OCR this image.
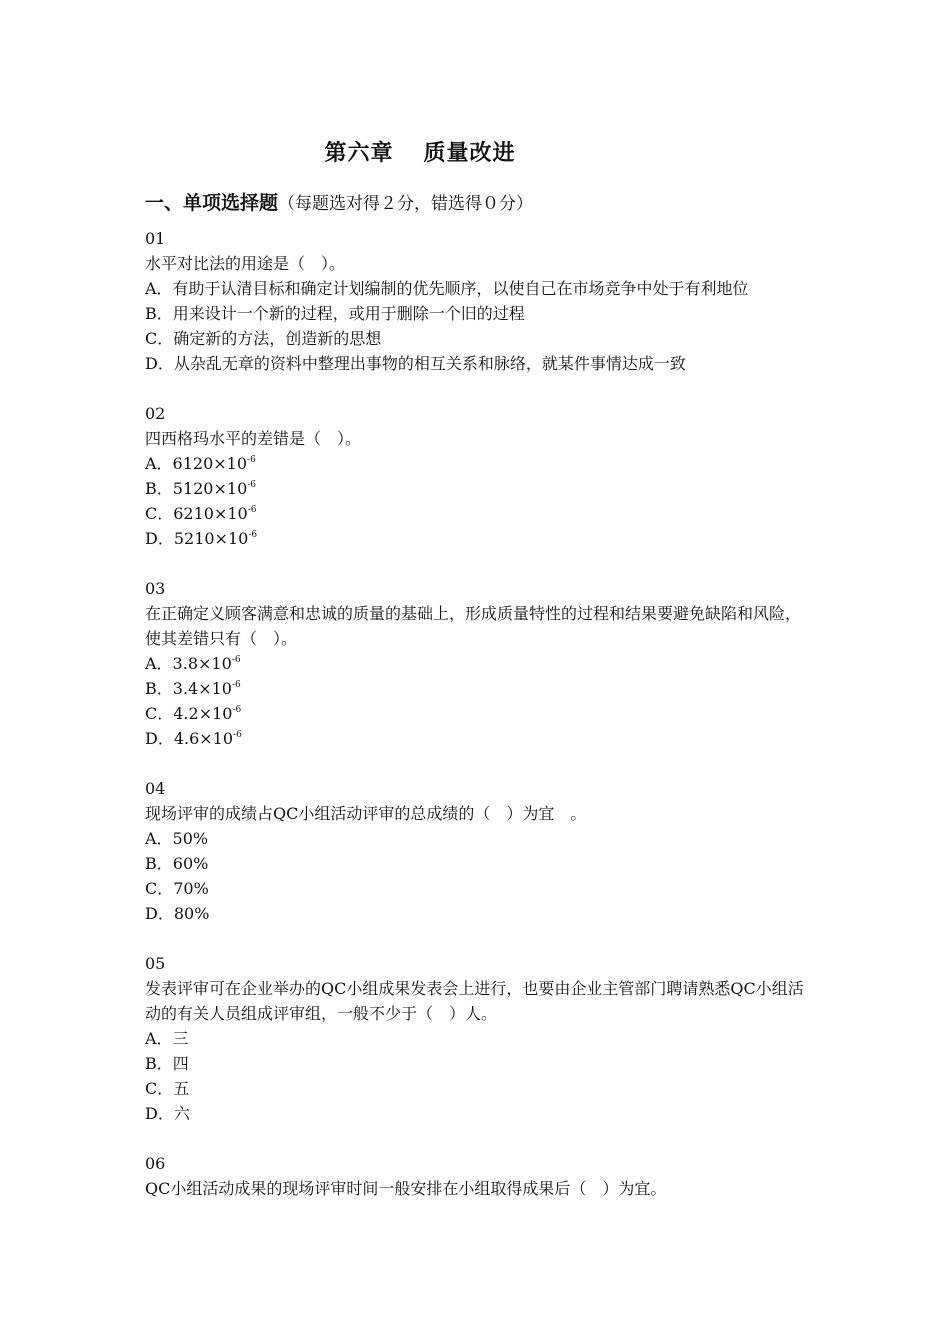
第六章 质量改进
一、单项选择题（每题选对得２分，错选得０分）
01
水平对比法的用途是（　）。
A．有助于认清目标和确定计划编制的优先顺序，以使自己在市场竞争中处于有利地位
B．用来设计一个新的过程，或用于删除一个旧的过程
C．确定新的方法，创造新的思想
D．从杂乱无章的资料中整理出事物的相互关系和脉络，就某件事情达成一致
02
四西格玛水平的差错是（　）。
A．$6120\times 10^{-6}$
B．$5120\times 10^{-6}$
C．$6210\times 10^{-6}$
D．$5210\times 10^{-6}$
03
在正确定义顾客满意和忠诚的质量的基础上，形成质量特性的过程和结果要避免缺陷和风险，使其差错只有（　）。
A．$3.8\times 10^{-6}$
B．$3.4\times 10^{-6}$
C．$4.2\times 10^{-6}$
D．$4.6\times 10^{-6}$
04
现场评审的成绩占QC小组活动评审的总成绩的（　）为宜　。
A．50%
B．60%
C．70%
D．80%
05
发表评审可在企业举办的QC小组成果发表会上进行，也要由企业主管部门聘请熟悉QC小组活动的有关人员组成评审组，一般不少于（　）人。
A．三
B．四
C．五
D．六
06
QC小组活动成果的现场评审时间一般安排在小组取得成果后（　）为宜。
